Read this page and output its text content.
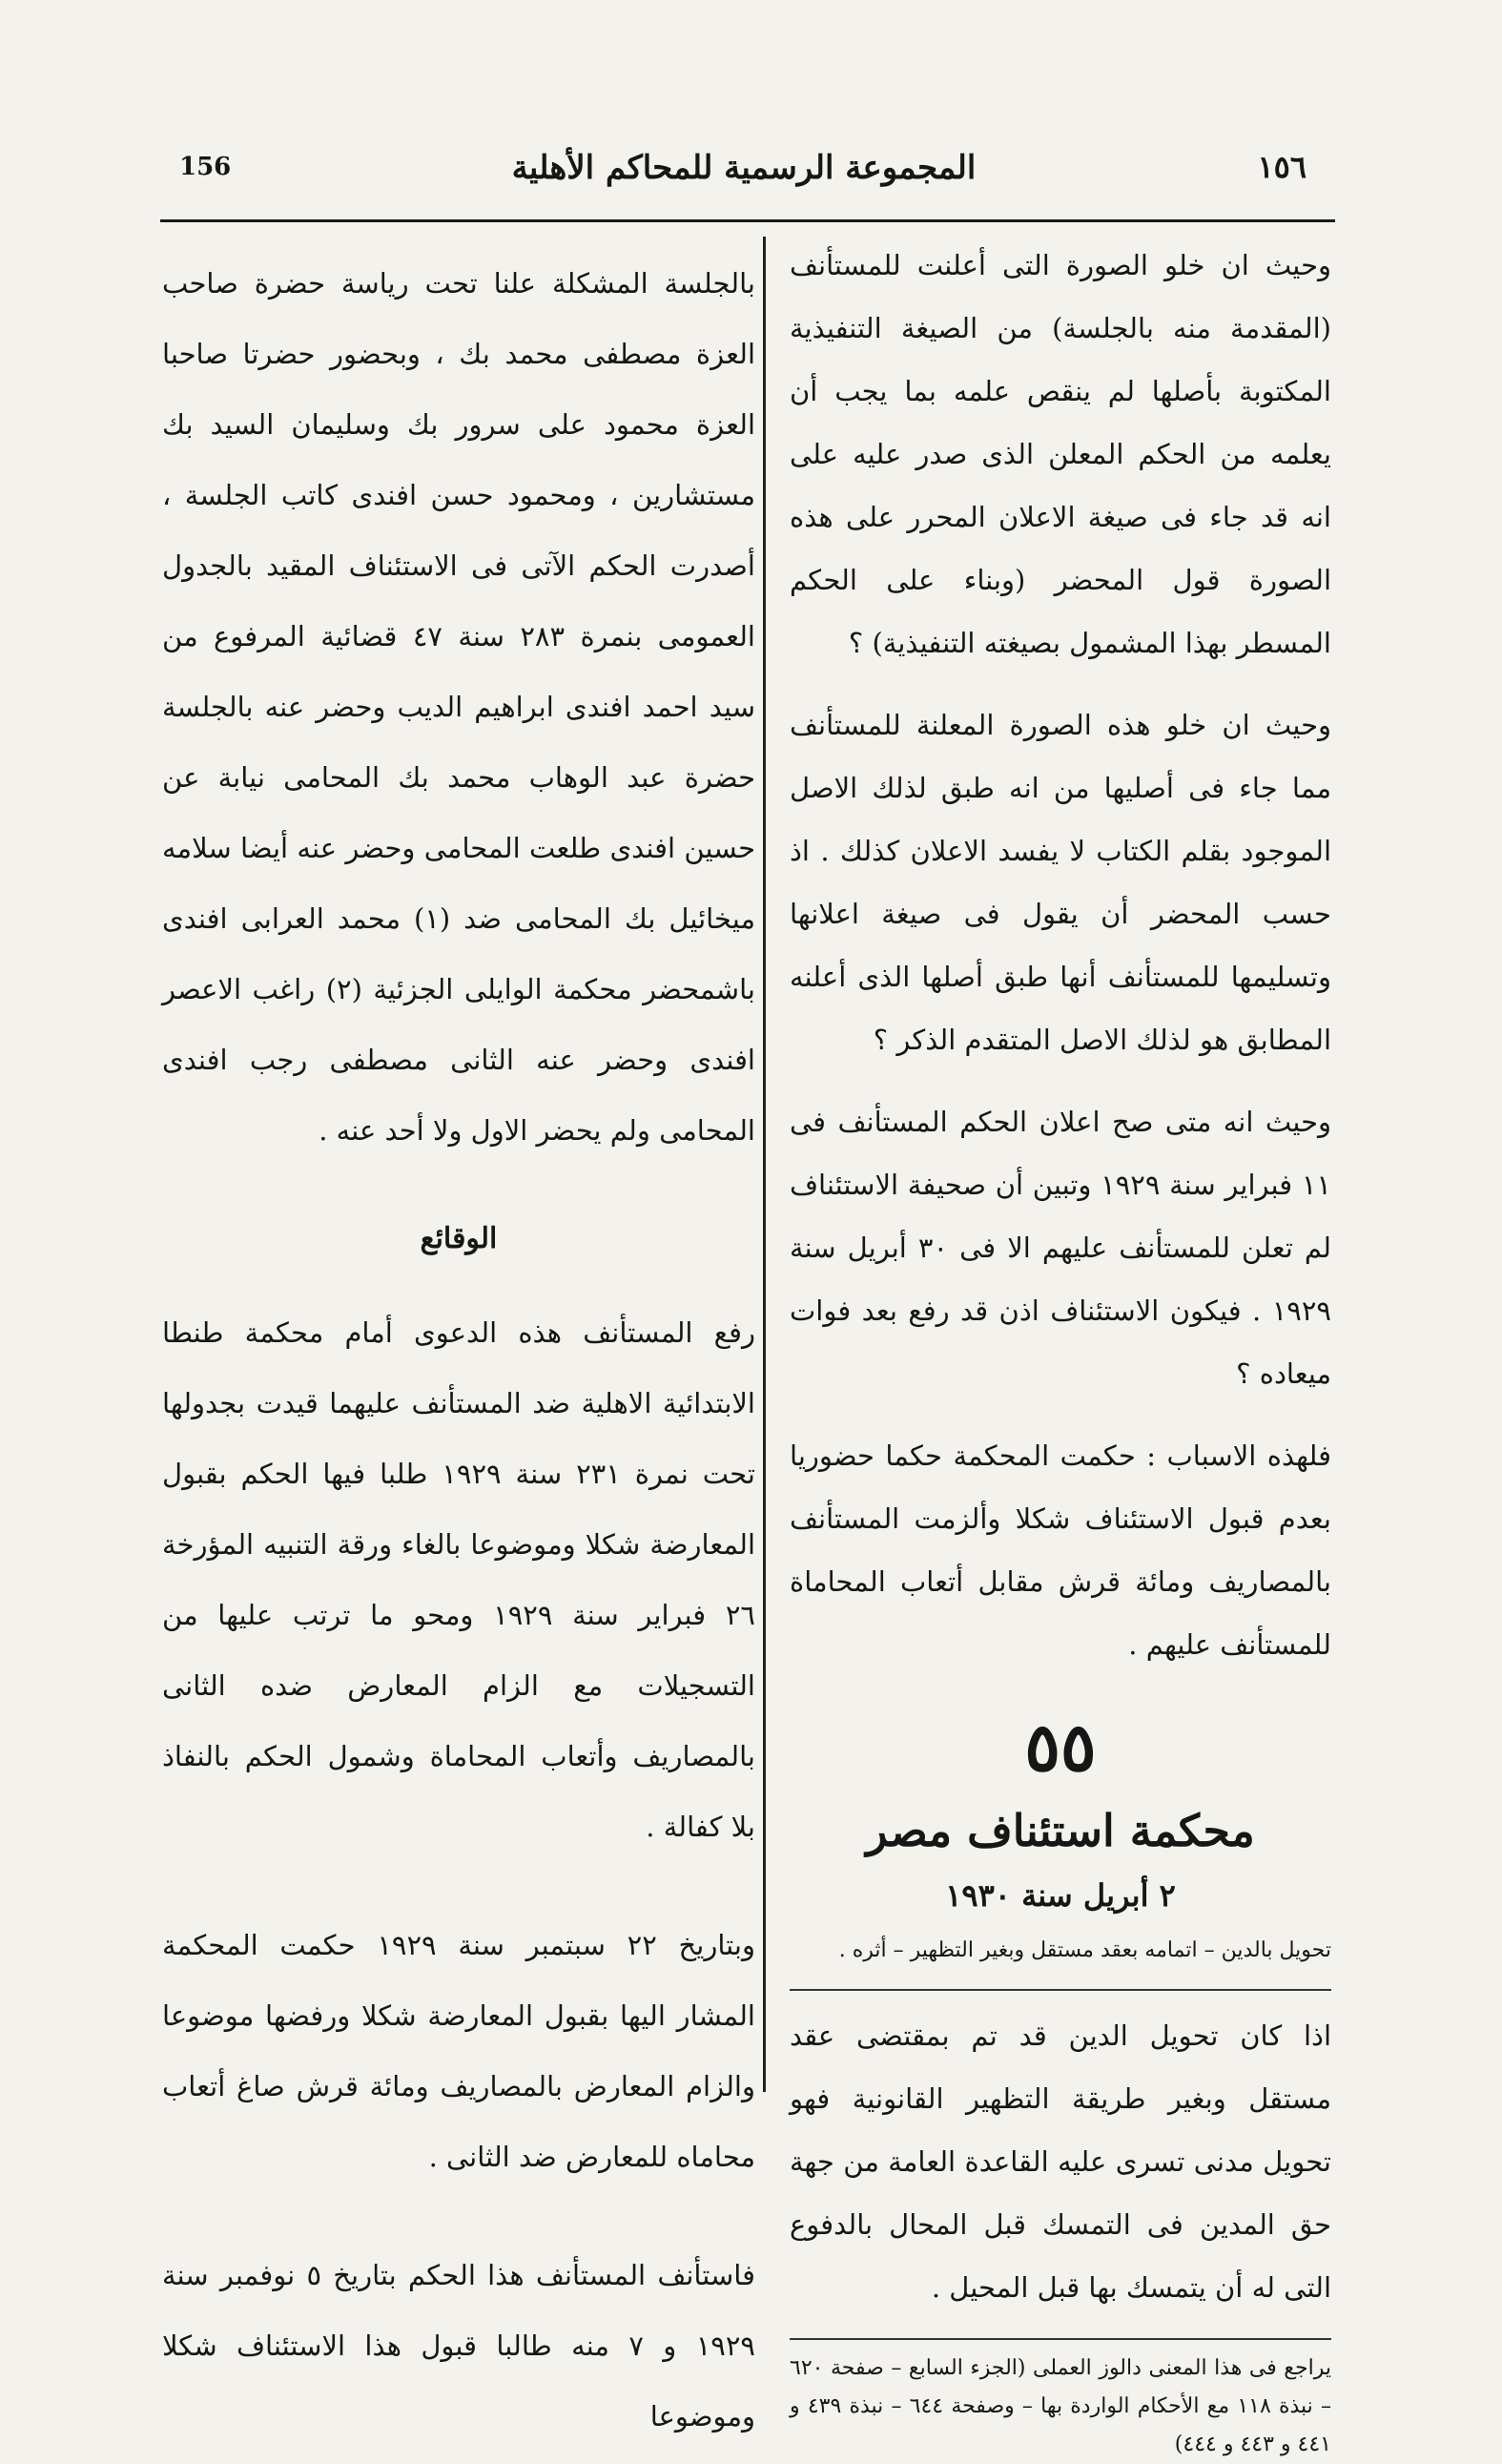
156	المجموعة الرسمية للمحاكم الأهلية	١٥٦

وحيث ان خلو الصورة التى أعلنت للمستأنف (المقدمة منه بالجلسة) من الصيغة التنفيذية المكتوبة بأصلها لم ينقص علمه بما يجب أن يعلمه من الحكم المعلن الذى صدر عليه على انه قد جاء فى صيغة الاعلان المحرر على هذه الصورة قول المحضر (وبناء على الحكم المسطر بهذا المشمول بصيغته التنفيذية) ؟

وحيث ان خلو هذه الصورة المعلنة للمستأنف مما جاء فى أصليها من انه طبق لذلك الاصل الموجود بقلم الكتاب لا يفسد الاعلان كذلك . اذ حسب المحضر أن يقول فى صيغة اعلانها وتسليمها للمستأنف أنها طبق أصلها الذى أعلنه المطابق هو لذلك الاصل المتقدم الذكر ؟

وحيث انه متى صح اعلان الحكم المستأنف فى ١١ فبراير سنة ١٩٢٩ وتبين أن صحيفة الاستئناف لم تعلن للمستأنف عليهم الا فى ٣٠ أبريل سنة ١٩٢٩ . فيكون الاستئناف اذن قد رفع بعد فوات ميعاده ؟

فلهذه الاسباب : حكمت المحكمة حكما حضوريا بعدم قبول الاستئناف شكلا وألزمت المستأنف بالمصاريف ومائة قرش مقابل أتعاب المحاماة للمستأنف عليهم .

٥٥
محكمة استئناف مصر
٢ أبريل سنة ١٩٣٠
تحويل بالدين – اتمامه بعقد مستقل وبغير التظهير – أثره .

اذا كان تحويل الدين قد تم بمقتضى عقد مستقل وبغير طريقة التظهير القانونية فهو تحويل مدنى تسرى عليه القاعدة العامة من جهة حق المدين فى التمسك قبل المحال بالدفوع التى له أن يتمسك بها قبل المحيل .

يراجع فى هذا المعنى دالوز العملى (الجزء السابع – صفحة ٦٢٠ – نبذة ١١٨ مع الأحكام الواردة بها – وصفحة ٦٤٤ – نبذة ٤٣٩ و ٤٤١ و ٤٤٣ و ٤٤٤)

بالجلسة المشكلة علنا تحت رياسة حضرة صاحب العزة مصطفى محمد بك ، وبحضور حضرتا صاحبا العزة محمود على سرور بك وسليمان السيد بك مستشارين ، ومحمود حسن افندى كاتب الجلسة ، أصدرت الحكم الآتى فى الاستئناف المقيد بالجدول العمومى بنمرة ٢٨٣ سنة ٤٧ قضائية المرفوع من سيد احمد افندى ابراهيم الديب وحضر عنه بالجلسة حضرة عبد الوهاب محمد بك المحامى نيابة عن حسين افندى طلعت المحامى وحضر عنه أيضا سلامه ميخائيل بك المحامى ضد (١) محمد العرابى افندى باشمحضر محكمة الوايلى الجزئية (٢) راغب الاعصر افندى وحضر عنه الثانى مصطفى رجب افندى المحامى ولم يحضر الاول ولا أحد عنه .

الوقائع

رفع المستأنف هذه الدعوى أمام محكمة طنطا الابتدائية الاهلية ضد المستأنف عليهما قيدت بجدولها تحت نمرة ٢٣١ سنة ١٩٢٩ طلبا فيها الحكم بقبول المعارضة شكلا وموضوعا بالغاء ورقة التنبيه المؤرخة ٢٦ فبراير سنة ١٩٢٩ ومحو ما ترتب عليها من التسجيلات مع الزام المعارض ضده الثانى بالمصاريف وأتعاب المحاماة وشمول الحكم بالنفاذ بلا كفالة .

وبتاريخ ٢٢ سبتمبر سنة ١٩٢٩ حكمت المحكمة المشار اليها بقبول المعارضة شكلا ورفضها موضوعا والزام المعارض بالمصاريف ومائة قرش صاغ أتعاب محاماه للمعارض ضد الثانى .

فاستأنف المستأنف هذا الحكم بتاريخ ٥ نوفمبر سنة ١٩٢٩ و ٧ منه طالبا قبول هذا الاستئناف شكلا وموضوعا
